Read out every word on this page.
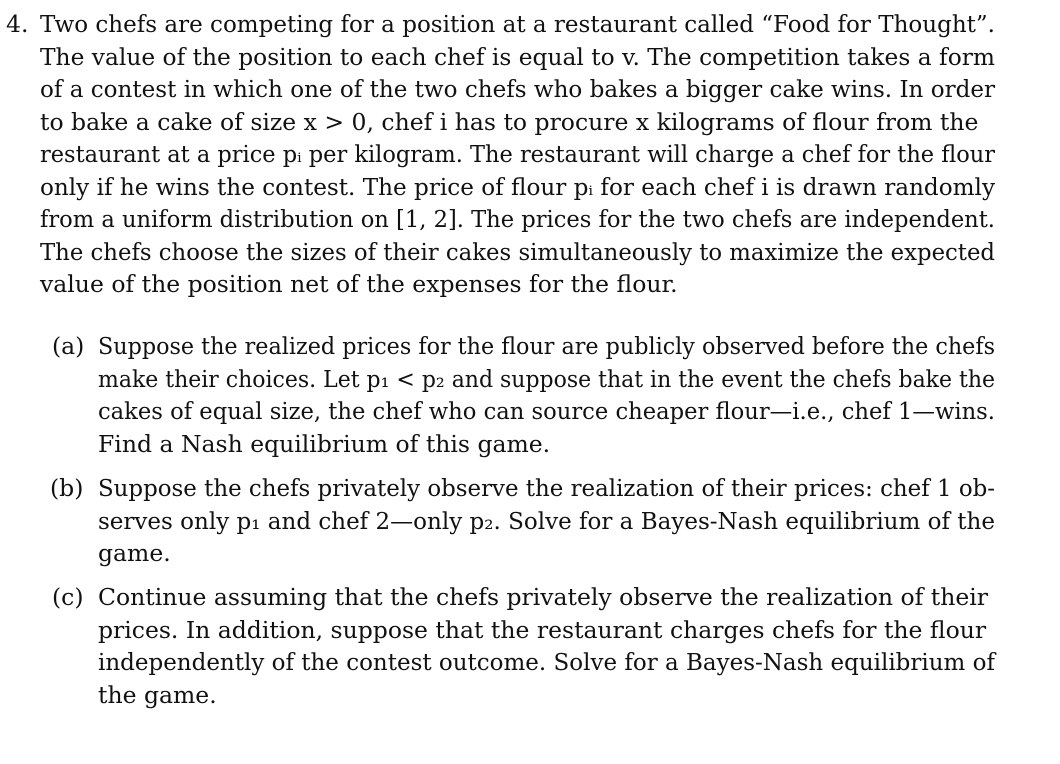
4. Two chefs are competing for a position at a restaurant called “Food for Thought”.
The value of the position to each chef is equal to v. The competition takes a form
of a contest in which one of the two chefs who bakes a bigger cake wins. In order
to bake a cake of size x > 0, chef i has to procure x kilograms of flour from the
restaurant at a price pᵢ per kilogram. The restaurant will charge a chef for the flour
only if he wins the contest. The price of flour pᵢ for each chef i is drawn randomly
from a uniform distribution on [1, 2]. The prices for the two chefs are independent.
The chefs choose the sizes of their cakes simultaneously to maximize the expected
value of the position net of the expenses for the flour.
(a) Suppose the realized prices for the flour are publicly observed before the chefs
make their choices. Let p₁ < p₂ and suppose that in the event the chefs bake the
cakes of equal size, the chef who can source cheaper flour—i.e., chef 1—wins.
Find a Nash equilibrium of this game.
(b) Suppose the chefs privately observe the realization of their prices: chef 1 ob-
serves only p₁ and chef 2—only p₂. Solve for a Bayes-Nash equilibrium of the
game.
(c) Continue assuming that the chefs privately observe the realization of their
prices. In addition, suppose that the restaurant charges chefs for the flour
independently of the contest outcome. Solve for a Bayes-Nash equilibrium of
the game.
